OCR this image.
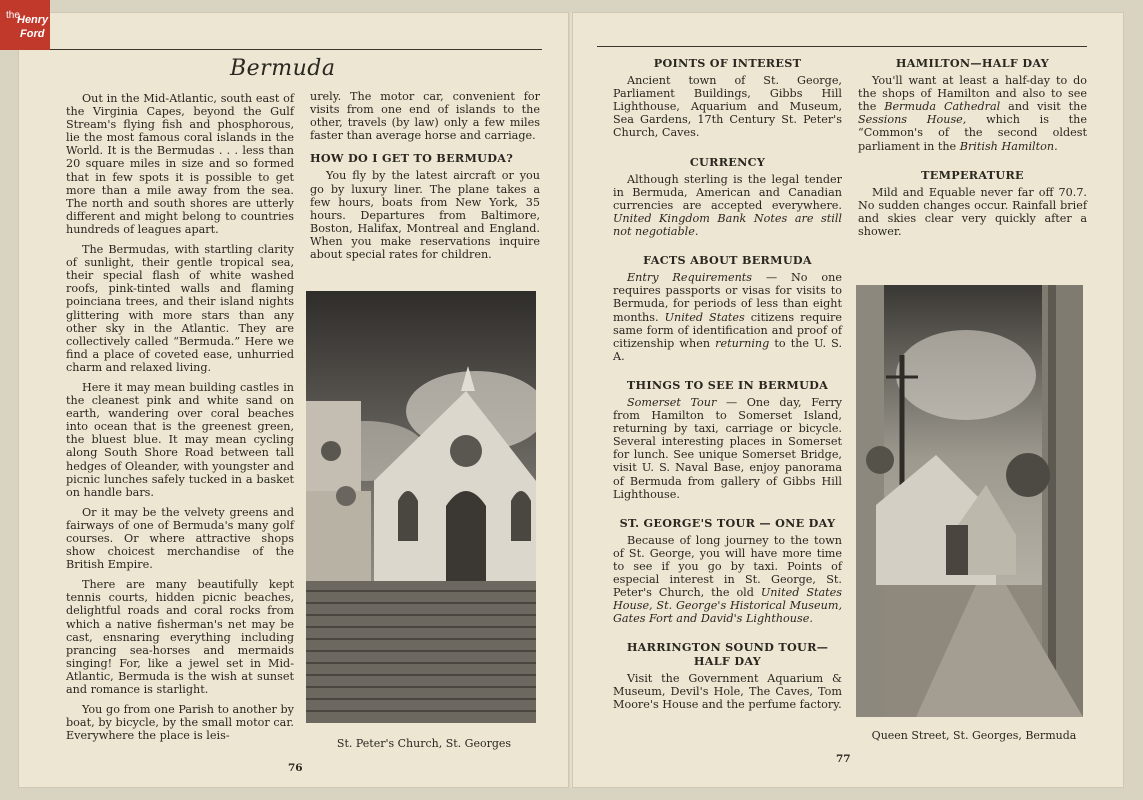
the
Henry
Ford
Bermuda

Out in the Mid-Atlantic, south east of the Virginia Capes, beyond the Gulf Stream's flying fish and phosphorous, lie the most famous coral islands in the World. It is the Bermudas . . . less than 20 square miles in size and so formed that in few spots it is possible to get more than a mile away from the sea. The north and south shores are utterly different and might belong to countries hundreds of leagues apart.

The Bermudas, with startling clarity of sunlight, their gentle tropical sea, their special flash of white washed roofs, pink-tinted walls and flaming poinciana trees, and their island nights glittering with more stars than any other sky in the Atlantic. They are collectively called “Bermuda.” Here we find a place of coveted ease, unhurried charm and relaxed living.

Here it may mean building castles in the cleanest pink and white sand on earth, wandering over coral beaches into ocean that is the greenest green, the bluest blue. It may mean cycling along South Shore Road between tall hedges of Oleander, with youngster and picnic lunches safely tucked in a basket on handle bars.

Or it may be the velvety greens and fairways of one of Bermuda's many golf courses. Or where attractive shops show choicest merchandise of the British Empire.

There are many beautifully kept tennis courts, hidden picnic beaches, delightful roads and coral rocks from which a native fisherman's net may be cast, ensnaring everything including prancing sea-horses and mermaids singing! For, like a jewel set in Mid-Atlantic, Bermuda is the wish at sunset and romance is starlight.

You go from one Parish to another by boat, by bicycle, by the small motor car. Everywhere the place is leis-

urely. The motor car, convenient for visits from one end of islands to the other, travels (by law) only a few miles faster than average horse and carriage.

HOW DO I GET TO BERMUDA?

You fly by the latest aircraft or you go by luxury liner. The plane takes a few hours, boats from New York, 35 hours. Departures from Baltimore, Boston, Halifax, Montreal and England. When you make reservations inquire about special rates for children.

St. Peter's Church, St. Georges
76
POINTS OF INTEREST

Ancient town of St. George, Parliament Buildings, Gibbs Hill Lighthouse, Aquarium and Museum, Sea Gardens, 17th Century St. Peter's Church, Caves.

CURRENCY

Although sterling is the legal tender in Bermuda, American and Canadian currencies are accepted everywhere. United Kingdom Bank Notes are still not negotiable.

FACTS ABOUT BERMUDA

Entry Requirements — No one requires passports or visas for visits to Bermuda, for periods of less than eight months. United States citizens require same form of identification and proof of citizenship when returning to the U. S. A.

THINGS TO SEE IN BERMUDA

Somerset Tour — One day, Ferry from Hamilton to Somerset Island, returning by taxi, carriage or bicycle. Several interesting places in Somerset for lunch. See unique Somerset Bridge, visit U. S. Naval Base, enjoy panorama of Bermuda from gallery of Gibbs Hill Lighthouse.

ST. GEORGE'S TOUR — ONE DAY

Because of long journey to the town of St. George, you will have more time to see if you go by taxi. Points of especial interest in St. George, St. Peter's Church, the old United States House, St. George's Historical Museum, Gates Fort and David's Lighthouse.

HARRINGTON SOUND TOUR—
HALF DAY

Visit the Government Aquarium & Museum, Devil's Hole, The Caves, Tom Moore's House and the perfume factory.

HAMILTON—HALF DAY

You'll want at least a half-day to do the shops of Hamilton and also to see the Bermuda Cathedral and visit the Sessions House, which is the “Common's of the second oldest parliament in the British Hamilton.

TEMPERATURE

Mild and Equable never far off 70.7. No sudden changes occur. Rainfall brief and skies clear very quickly after a shower.

Queen Street, St. Georges, Bermuda
77
